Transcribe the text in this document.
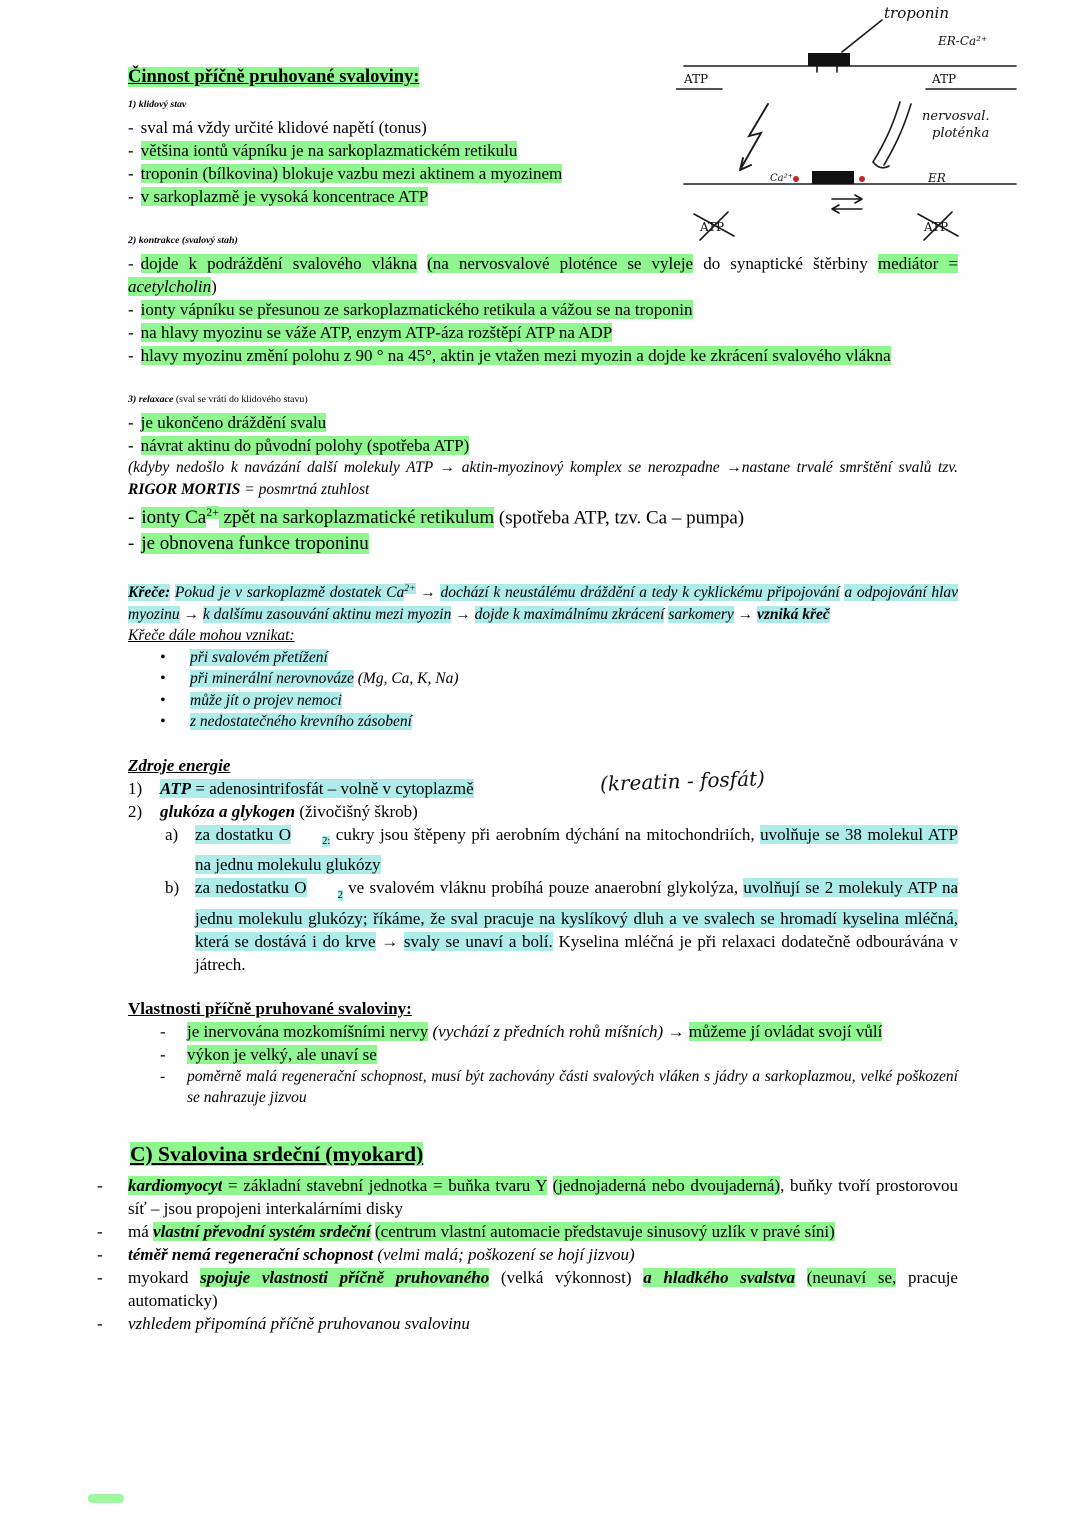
troponin
ER-Ca²⁺
ATP	ATP
nervosval.
ploténka
Ca²⁺	ER
ATP	ATP
Činnost příčně pruhované svaloviny:
1) klidový stav
- sval má vždy určité klidové napětí (tonus)
- většina iontů vápníku je na sarkoplazmatickém retikulu
- troponin (bílkovina) blokuje vazbu mezi aktinem a myozinem
- v sarkoplazmě je vysoká koncentrace ATP
2) kontrakce (svalový stah)
- dojde k podráždění svalového vlákna (na nervosvalové ploténce se vyleje do synaptické štěrbiny mediátor = acetylcholin)
- ionty vápníku se přesunou ze sarkoplazmatického retikula a vážou se na troponin
- na hlavy myozinu se váže ATP, enzym ATP-áza rozštěpí ATP na ADP
- hlavy myozinu změní polohu z 90 ° na 45°, aktin je vtažen mezi myozin a dojde ke zkrácení svalového vlákna
3) relaxace (sval se vrátí do klidového stavu)
- je ukončeno dráždění svalu
- návrat aktinu do původní polohy (spotřeba ATP)
(kdyby nedošlo k navázání další molekuly ATP → aktin-myozinový komplex se nerozpadne →nastane trvalé smrštění svalů tzv. RIGOR MORTIS = posmrtná ztuhlost
- ionty $Ca^{2+}$ zpět na sarkoplazmatické retikulum (spotřeba ATP, tzv. Ca – pumpa)
- je obnovena funkce troponinu
Křeče: Pokud je v sarkoplazmě dostatek $Ca^{2+}$ → dochází k neustálému dráždění a tedy k cyklickému připojování a odpojování hlav myozinu → k dalšímu zasouvání aktinu mezi myozin → dojde k maximálnímu zkrácení sarkomery → vzniká křeč
Křeče dále mohou vznikat:
• při svalovém přetížení
• při minerální nerovnováze (Mg, Ca, K, Na)
• může jít o projev nemoci
• z nedostatečného krevního zásobení
Zdroje energie
1) ATP = adenosintrifosfát – volně v cytoplazmě	(kreatin - fosfát)
2) glukóza a glykogen (živočišný škrob)
a) za dostatku O	$_{2:}$ cukry jsou štěpeny při aerobním dýchání na mitochondriích, uvolňuje se 38 molekul ATP na jednu molekulu glukózy
b) za nedostatku O	$_2$ ve svalovém vláknu probíhá pouze anaerobní glykolýza, uvolňují se 2 molekuly ATP na jednu molekulu glukózy; říkáme, že sval pracuje na kyslíkový dluh a ve svalech se hromadí kyselina mléčná, která se dostává i do krve → svaly se unaví a bolí. Kyselina mléčná je při relaxaci dodatečně odbourávána v játrech.
Vlastnosti příčně pruhované svaloviny:
- je inervována mozkomíšními nervy (vychází z předních rohů míšních) → můžeme jí ovládat svojí vůlí
- výkon je velký, ale unaví se
- poměrně malá regenerační schopnost, musí být zachovány části svalových vláken s jádry a sarkoplazmou, velké poškození se nahrazuje jizvou
C) Svalovina srdeční (myokard)
- kardiomyocyt = základní stavební jednotka = buňka tvaru Y (jednojaderná nebo dvoujaderná), buňky tvoří prostorovou síť – jsou propojeni interkalárními disky
- má vlastní převodní systém srdeční (centrum vlastní automacie představuje sinusový uzlík v pravé síni)
- téměř nemá regenerační schopnost (velmi malá; poškození se hojí jizvou)
- myokard spojuje vlastnosti příčně pruhovaného (velká výkonnost) a hladkého svalstva (neunaví se, pracuje automaticky)
- vzhledem připomíná příčně pruhovanou svalovinu
